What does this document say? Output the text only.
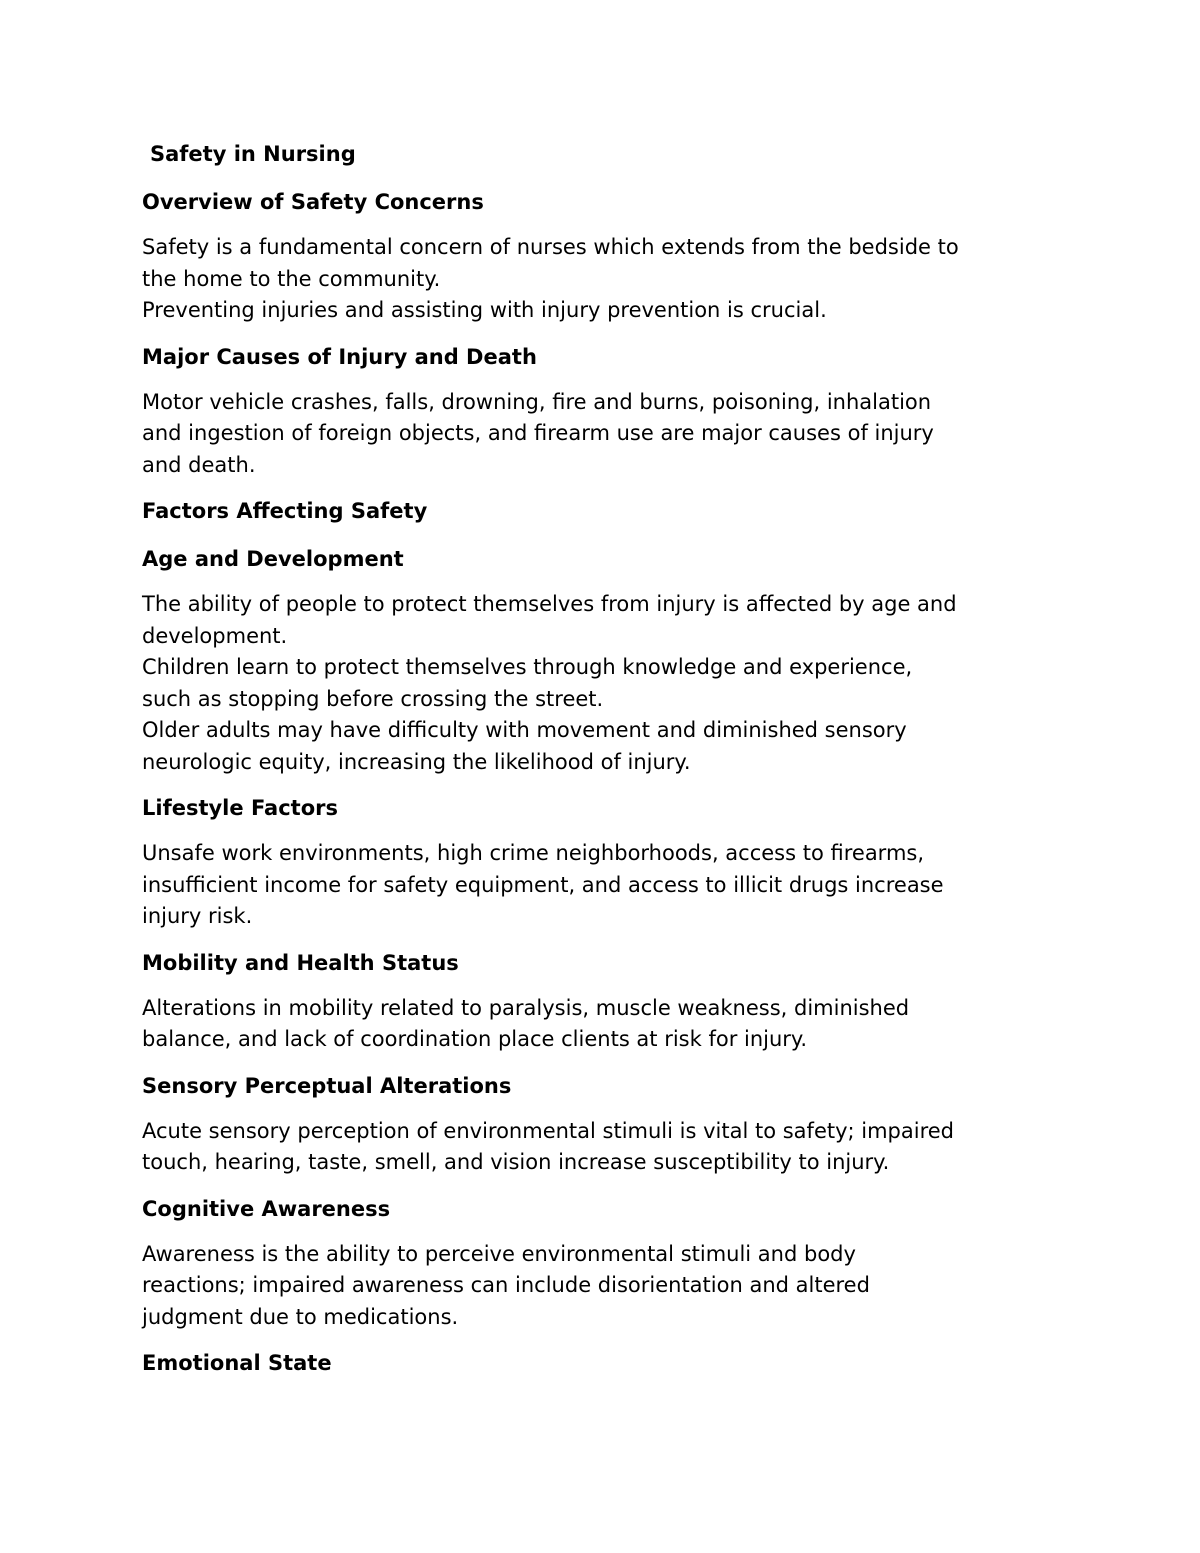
Safety in Nursing
Overview of Safety Concerns

Safety is a fundamental concern of nurses which extends from the bedside to
the home to the community.
Preventing injuries and assisting with injury prevention is crucial.

Major Causes of Injury and Death

Motor vehicle crashes, falls, drowning, fire and burns, poisoning, inhalation
and ingestion of foreign objects, and firearm use are major causes of injury
and death.

Factors Affecting Safety
Age and Development

The ability of people to protect themselves from injury is affected by age and
development.
Children learn to protect themselves through knowledge and experience,
such as stopping before crossing the street.
Older adults may have difficulty with movement and diminished sensory
neurologic equity, increasing the likelihood of injury.

Lifestyle Factors

Unsafe work environments, high crime neighborhoods, access to firearms,
insufficient income for safety equipment, and access to illicit drugs increase
injury risk.

Mobility and Health Status

Alterations in mobility related to paralysis, muscle weakness, diminished
balance, and lack of coordination place clients at risk for injury.

Sensory Perceptual Alterations

Acute sensory perception of environmental stimuli is vital to safety; impaired
touch, hearing, taste, smell, and vision increase susceptibility to injury.

Cognitive Awareness

Awareness is the ability to perceive environmental stimuli and body
reactions; impaired awareness can include disorientation and altered
judgment due to medications.

Emotional State
